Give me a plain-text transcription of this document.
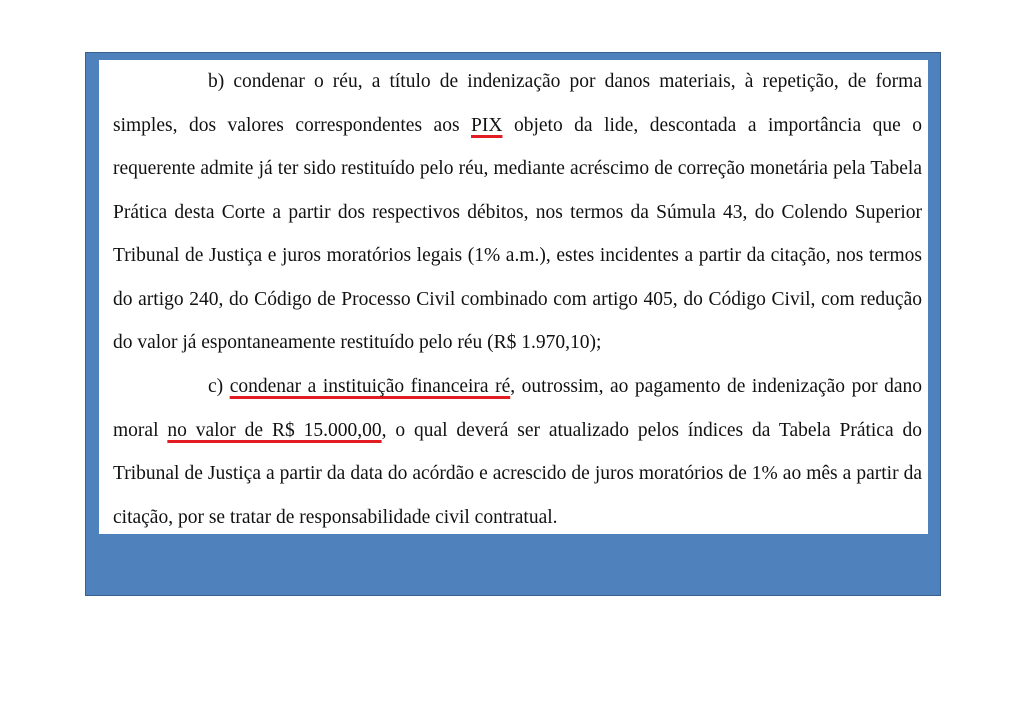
b) condenar o réu, a título de indenização por danos materiais, à repetição, de forma simples, dos valores correspondentes aos PIX objeto da lide, descontada a importância que o requerente admite já ter sido restituído pelo réu, mediante acréscimo de correção monetária pela Tabela Prática desta Corte a partir dos respectivos débitos, nos termos da Súmula 43, do Colendo Superior Tribunal de Justiça e juros moratórios legais (1% a.m.), estes incidentes a partir da citação, nos termos do artigo 240, do Código de Processo Civil combinado com artigo 405, do Código Civil, com redução do valor já espontaneamente restituído pelo réu (R$ 1.970,10);

c) condenar a instituição financeira ré, outrossim, ao pagamento de indenização por dano moral no valor de R$ 15.000,00, o qual deverá ser atualizado pelos índices da Tabela Prática do Tribunal de Justiça a partir da data do acórdão e acrescido de juros moratórios de 1% ao mês a partir da citação, por se tratar de responsabilidade civil contratual.
